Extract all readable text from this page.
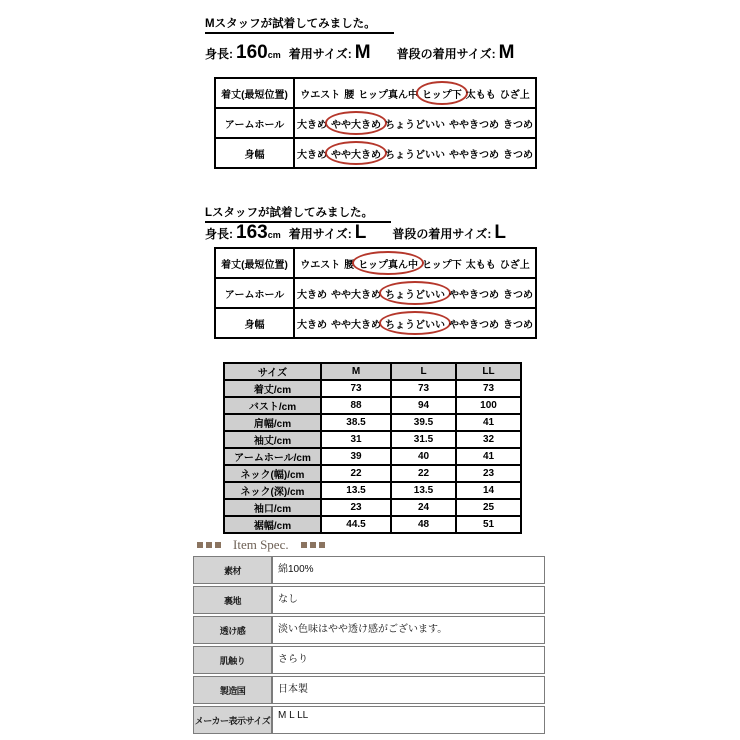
Mスタッフが試着してみました。
身長: 160 cm 着用サイズ: M 普段の着用サイズ: M
着丈(最短位置)	ウエスト 腰 ヒップ真ん中 ヒップ下 太もも ひざ上
アームホール	大きめ やや大きめ ちょうどいい ややきつめ きつめ
身幅	大きめ やや大きめ ちょうどいい ややきつめ きつめ
Lスタッフが試着してみました。
身長: 163 cm 着用サイズ: L 普段の着用サイズ: L
着丈(最短位置)	ウエスト 腰 ヒップ真ん中 ヒップ下 太もも ひざ上
アームホール	大きめ やや大きめ ちょうどいい ややきつめ きつめ
身幅	大きめ やや大きめ ちょうどいい ややきつめ きつめ
サイズ	M	L	LL
着丈/cm	73	73	73
バスト/cm	88	94	100
肩幅/cm	38.5	39.5	41
袖丈/cm	31	31.5	32
アームホール/cm	39	40	41
ネック(幅)/cm	22	22	23
ネック(深)/cm	13.5	13.5	14
袖口/cm	23	24	25
裾幅/cm	44.5	48	51
Item Spec.
素材	綿100%
裏地	なし
透け感	淡い色味はやや透け感がございます。
肌触り	さらり
製造国	日本製
メーカー表示サイズ	M L LL
